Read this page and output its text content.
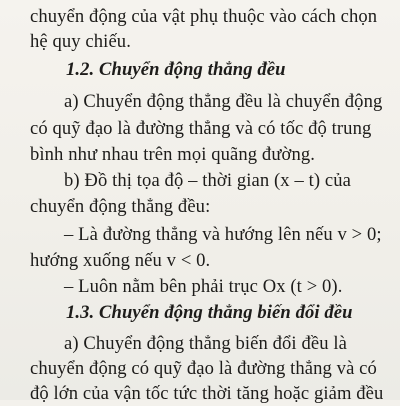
chuyển động của vật phụ thuộc vào cách chọn
hệ quy chiếu.
1.2. Chuyển động thẳng đều
a) Chuyển động thẳng đều là chuyển động
có quỹ đạo là đường thẳng và có tốc độ trung
bình như nhau trên mọi quãng đường.
b) Đồ thị tọa độ – thời gian (x – t) của
chuyển động thẳng đều:
– Là đường thẳng và hướng lên nếu v > 0;
hướng xuống nếu v < 0.
– Luôn nằm bên phải trục Ox (t > 0).
1.3. Chuyển động thẳng biến đổi đều
a) Chuyển động thẳng biến đổi đều là
chuyển động có quỹ đạo là đường thẳng và có
độ lớn của vận tốc tức thời tăng hoặc giảm đều
